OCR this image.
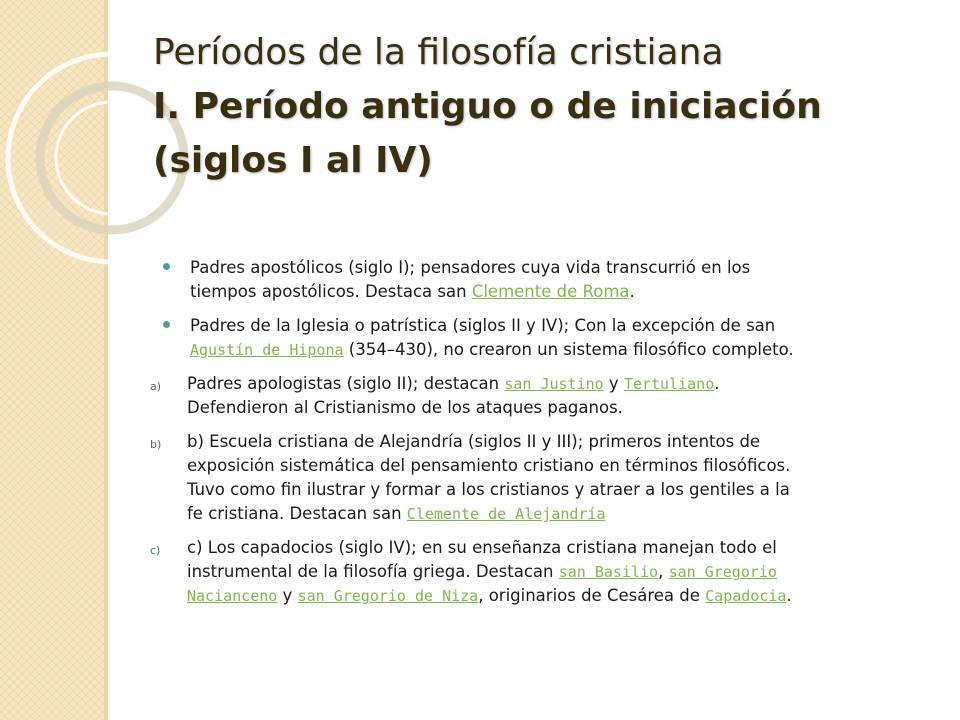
Períodos de la filosofía cristiana
I. Período antiguo o de iniciación (siglos I al IV)
Padres apostólicos (siglo I); pensadores cuya vida transcurrió en los tiempos apostólicos. Destaca san Clemente de Roma.
Padres de la Iglesia o patrística (siglos II y IV); Con la excepción de san Agustín de Hipona (354–430), no crearon un sistema filosófico completo.
a) Padres apologistas (siglo II); destacan san Justino y Tertuliano. Defendieron al Cristianismo de los ataques paganos.
b) b) Escuela cristiana de Alejandría (siglos II y III); primeros intentos de exposición sistemática del pensamiento cristiano en términos filosóficos. Tuvo como fin ilustrar y formar a los cristianos y atraer a los gentiles a la fe cristiana. Destacan san Clemente de Alejandría
c) c) Los capadocios (siglo IV); en su enseñanza cristiana manejan todo el instrumental de la filosofía griega. Destacan san Basilio, san Gregorio Nacianceno y san Gregorio de Niza, originarios de Cesárea de Capadocia.
